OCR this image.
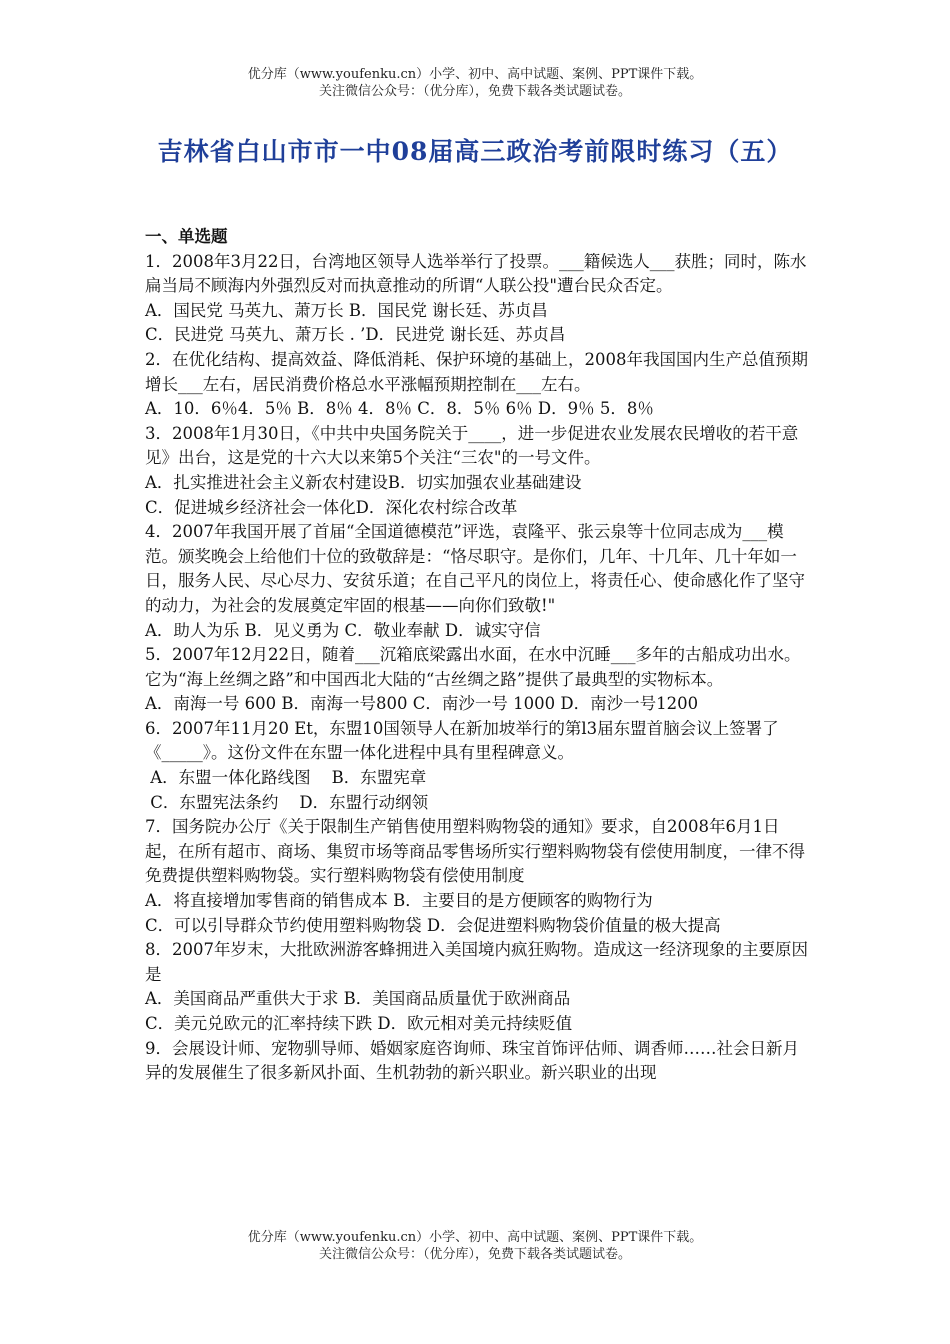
优分库（www.youfenku.cn）小学、初中、高中试题、案例、PPT课件下载。
关注微信公众号：（优分库），免费下载各类试题试卷。
吉林省白山市市一中08届高三政治考前限时练习（五）
一、单选题
1．2008年3月22日，台湾地区领导人选举举行了投票。___籍候选人___获胜；同时，陈水扁当局不顾海内外强烈反对而执意推动的所谓“人联公投"遭台民众否定。
A．国民党 马英九、萧万长 B．国民党 谢长廷、苏贞昌
C．民进党 马英九、萧万长 . ’D．民进党 谢长廷、苏贞昌
2．在优化结构、提高效益、降低消耗、保护环境的基础上，2008年我国国内生产总值预期增长___左右，居民消费价格总水平涨幅预期控制在___左右。
A．10．6％4．5％ B．8％ 4．8％ C．8．5％ 6％ D．9％ 5．8％
3．2008年1月30日，《中共中央国务院关于____，进一步促进农业发展农民增收的若干意见》出台，这是党的十六大以来第5个关注“三农"的一号文件。
A．扎实推进社会主义新农村建设B．切实加强农业基础建设
C．促进城乡经济社会一体化D．深化农村综合改革
4．2007年我国开展了首届“全国道德模范”评选，袁隆平、张云泉等十位同志成为___模范。颁奖晚会上给他们十位的致敬辞是：“恪尽职守。是你们，几年、十几年、几十年如一日，服务人民、尽心尽力、安贫乐道；在自己平凡的岗位上，将责任心、使命感化作了坚守的动力，为社会的发展奠定牢固的根基——向你们致敬!"
A．助人为乐 B．见义勇为 C．敬业奉献 D．诚实守信
5．2007年12月22日，随着___沉箱底梁露出水面，在水中沉睡___多年的古船成功出水。它为“海上丝绸之路”和中国西北大陆的“古丝绸之路”提供了最典型的实物标本。
A．南海一号 600 B．南海一号800 C．南沙一号 1000 D．南沙一号1200
6．2007年11月20 Et，东盟10国领导人在新加坡举行的第l3届东盟首脑会议上签署了《_____》。这份文件在东盟一体化进程中具有里程碑意义。
A．东盟一体化路线图    B．东盟宪章
C．东盟宪法条约    D．东盟行动纲领
7．国务院办公厅《关于限制生产销售使用塑料购物袋的通知》要求，自2008年6月1日起，在所有超市、商场、集贸市场等商品零售场所实行塑料购物袋有偿使用制度，一律不得免费提供塑料购物袋。实行塑料购物袋有偿使用制度
A．将直接增加零售商的销售成本 B．主要目的是方便顾客的购物行为
C．可以引导群众节约使用塑料购物袋 D．会促进塑料购物袋价值量的极大提高
8．2007年岁末，大批欧洲游客蜂拥进入美国境内疯狂购物。造成这一经济现象的主要原因是
A．美国商品严重供大于求 B．美国商品质量优于欧洲商品
C．美元兑欧元的汇率持续下跌 D．欧元相对美元持续贬值
9．会展设计师、宠物驯导师、婚姻家庭咨询师、珠宝首饰评估师、调香师……社会日新月异的发展催生了很多新风扑面、生机勃勃的新兴职业。新兴职业的出现
优分库（www.youfenku.cn）小学、初中、高中试题、案例、PPT课件下载。
关注微信公众号：（优分库），免费下载各类试题试卷。
